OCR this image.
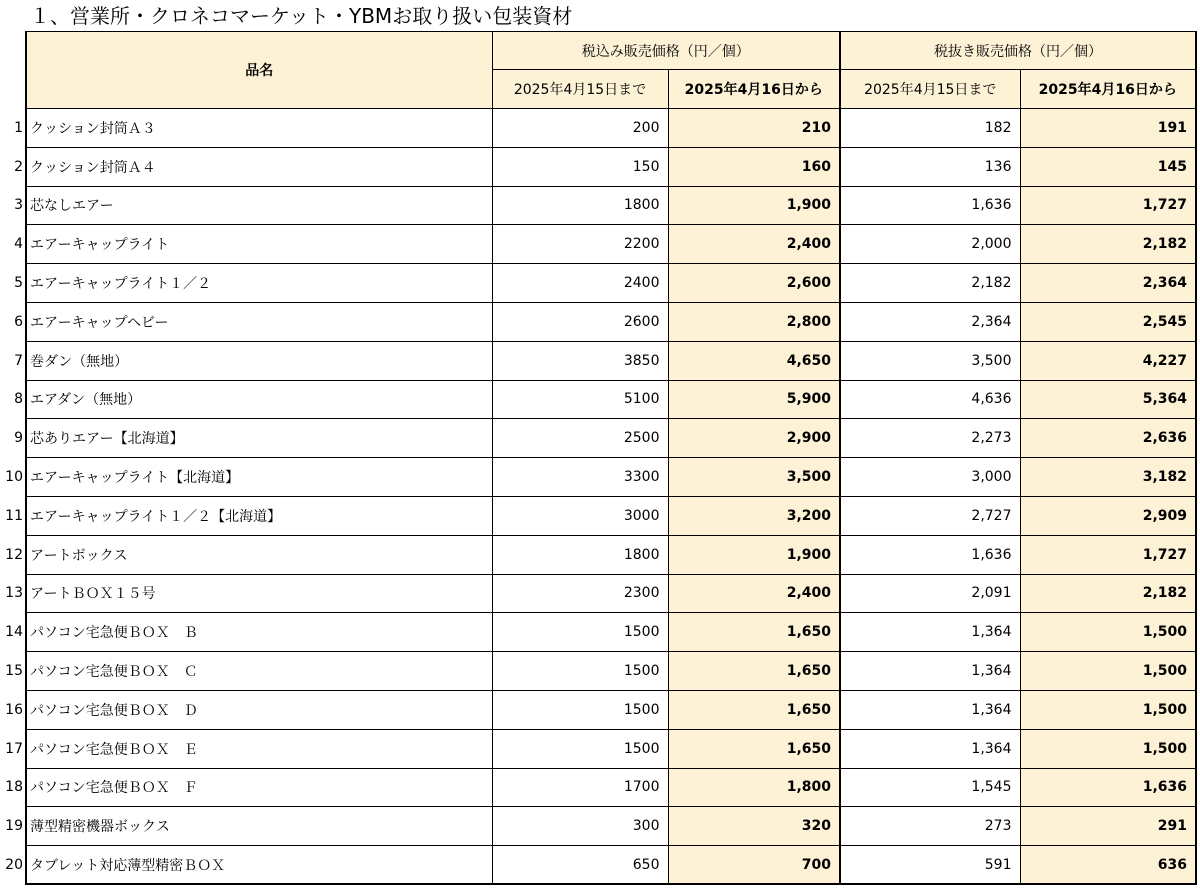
１、営業所・クロネコマーケット・YBMお取り扱い包装資材
	品名	税込み販売価格（円／個）		税抜き販売価格（円／個）	
		2025年4月15日まで	2025年4月16日から	2025年4月15日まで	2025年4月16日から
1	クッション封筒Ａ３	200	210	182	191
2	クッション封筒Ａ４	150	160	136	145
3	芯なしエアー	1800	1,900	1,636	1,727
4	エアーキャップライト	2200	2,400	2,000	2,182
5	エアーキャップライト１／２	2400	2,600	2,182	2,364
6	エアーキャップヘビー	2600	2,800	2,364	2,545
7	巻ダン（無地）	3850	4,650	3,500	4,227
8	エアダン（無地）	5100	5,900	4,636	5,364
9	芯ありエアー【北海道】	2500	2,900	2,273	2,636
10	エアーキャップライト【北海道】	3300	3,500	3,000	3,182
11	エアーキャップライト１／２【北海道】	3000	3,200	2,727	2,909
12	アートボックス	1800	1,900	1,636	1,727
13	アートＢＯＸ１５号	2300	2,400	2,091	2,182
14	パソコン宅急便ＢＯＸ　Ｂ	1500	1,650	1,364	1,500
15	パソコン宅急便ＢＯＸ　Ｃ	1500	1,650	1,364	1,500
16	パソコン宅急便ＢＯＸ　Ｄ	1500	1,650	1,364	1,500
17	パソコン宅急便ＢＯＸ　Ｅ	1500	1,650	1,364	1,500
18	パソコン宅急便ＢＯＸ　Ｆ	1700	1,800	1,545	1,636
19	薄型精密機器ボックス	300	320	273	291
20	タブレット対応薄型精密ＢＯＸ	650	700	591	636
